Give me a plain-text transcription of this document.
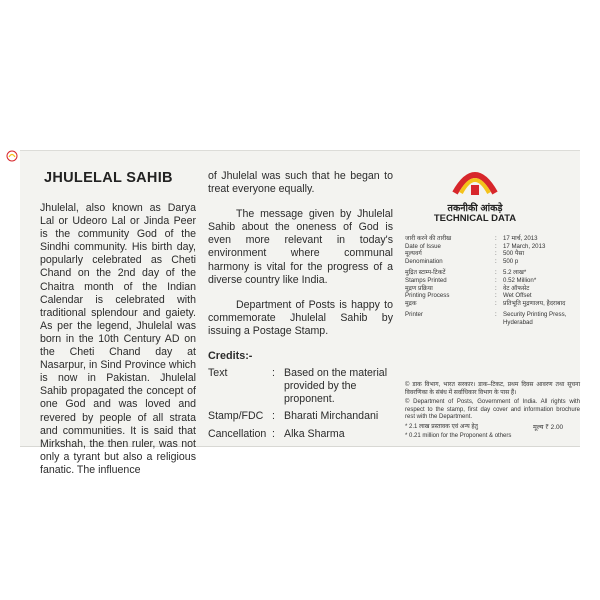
JHULELAL SAHIB
Jhulelal, also known as Darya Lal or Udeoro Lal or Jinda Peer is the community God of the Sindhi community. His birth day, popularly celebrated as Cheti Chand on the 2nd day of the Chaitra month of the Indian Calendar is celebrated with traditional splendour and gaiety. As per the legend, Jhulelal was born in the 10th Century AD on the Cheti Chand day at Nasarpur, in Sind Province which is now in Pakistan. Jhulelal Sahib propagated the concept of one God and was loved and revered by people of all strata and communities. It is said that Mirkshah, the then ruler, was not only a tyrant but also a religious fanatic. The influence

of Jhulelal was such that he began to treat everyone equally.

The message given by Jhulelal Sahib about the oneness of God is even more relevant in today's environment where communal harmony is vital for the progress of a diverse country like India.

Department of Posts is happy to commemorate Jhulelal Sahib by issuing a Postage Stamp.

Credits:-
Text	: Based on the material provided by the proponent.
Stamp/FDC : Bharati Mirchandani
Cancellation : Alka Sharma
तकनीकी आंकड़े
TECHNICAL DATA
जारी करने की तारीख	:	17 मार्च, 2013
Date of Issue	:	17 March, 2013
मूल्यवर्ग	:	500 पैसा
Denomination	:	500 p
मुद्रित स्टाम्प-टिकटें	:	5.2 लाख*
Stamps Printed	:	0.52 Million*
मुद्रण प्रक्रिया	:	वेट ऑफसेट
Printing Process	:	Wet Offset
मुद्रक	:	प्रतिभूति मुद्रणालय, हैदराबाद
Printer	:	Security Printing Press, Hyderabad

© डाक विभाग, भारत सरकार। डाक–टिकट, प्रथम दिवस आवरण तथा सूचना विवरणिका के संबंध में सर्वाधिकार विभाग के पास हैं।

© Department of Posts, Government of India. All rights with respect to the stamp, first day cover and information brochure rest with the Department.

* 2.1 लाख प्रस्तावक एवं अन्य हेतु

* 0.21 million for the Proponent & others

मूल्य ₹ 2.00
